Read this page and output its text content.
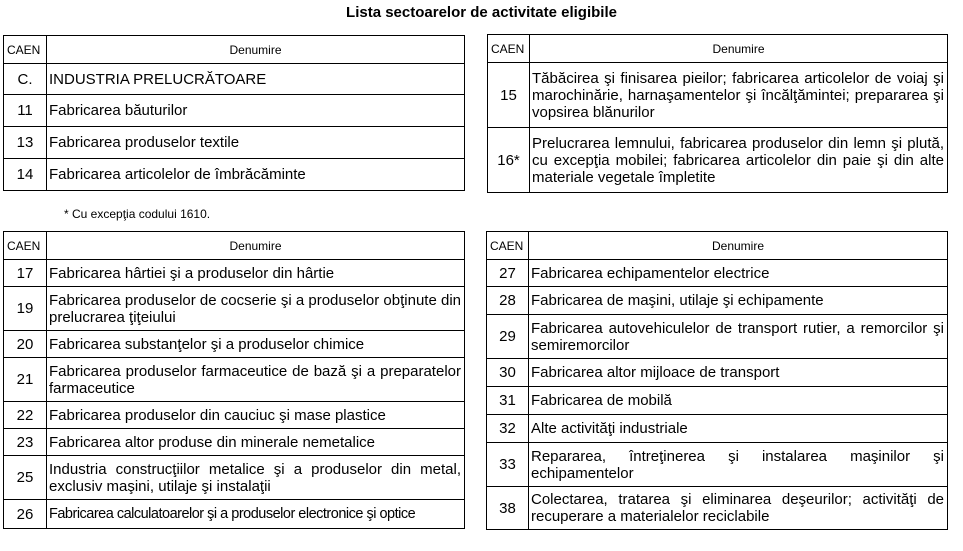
Lista sectoarelor de activitate eligibile
CAEN	Denumire
C.	INDUSTRIA PRELUCRĂTOARE
11	Fabricarea băuturilor
13	Fabricarea produselor textile
14	Fabricarea articolelor de îmbrăcăminte
CAEN	Denumire
15	Tăbăcirea şi finisarea pieilor; fabricarea articolelor de voiaj şi marochinărie, harnaşamentelor şi încălţămintei; prepararea şi vopsirea blănurilor
16*	Prelucrarea lemnului, fabricarea produselor din lemn şi plută, cu excepţia mobilei; fabricarea articolelor din paie şi din alte materiale vegetale împletite
* Cu excepţia codului 1610.
CAEN	Denumire
17	Fabricarea hârtiei şi a produselor din hârtie
19	Fabricarea produselor de cocserie şi a produselor obţinute din prelucrarea ţiţeiului
20	Fabricarea substanţelor şi a produselor chimice
21	Fabricarea produselor farmaceutice de bază şi a preparatelor farmaceutice
22	Fabricarea produselor din cauciuc şi mase plastice
23	Fabricarea altor produse din minerale nemetalice
25	Industria construcţiilor metalice şi a produselor din metal, exclusiv maşini, utilaje şi instalaţii
26	Fabricarea calculatoarelor şi a produselor electronice şi optice
CAEN	Denumire
27	Fabricarea echipamentelor electrice
28	Fabricarea de maşini, utilaje şi echipamente
29	Fabricarea autovehiculelor de transport rutier, a remorcilor şi semiremorcilor
30	Fabricarea altor mijloace de transport
31	Fabricarea de mobilă
32	Alte activităţi industriale
33	Repararea, întreţinerea şi instalarea maşinilor şi echipamentelor
38	Colectarea, tratarea şi eliminarea deşeurilor; activităţi de recuperare a materialelor reciclabile
